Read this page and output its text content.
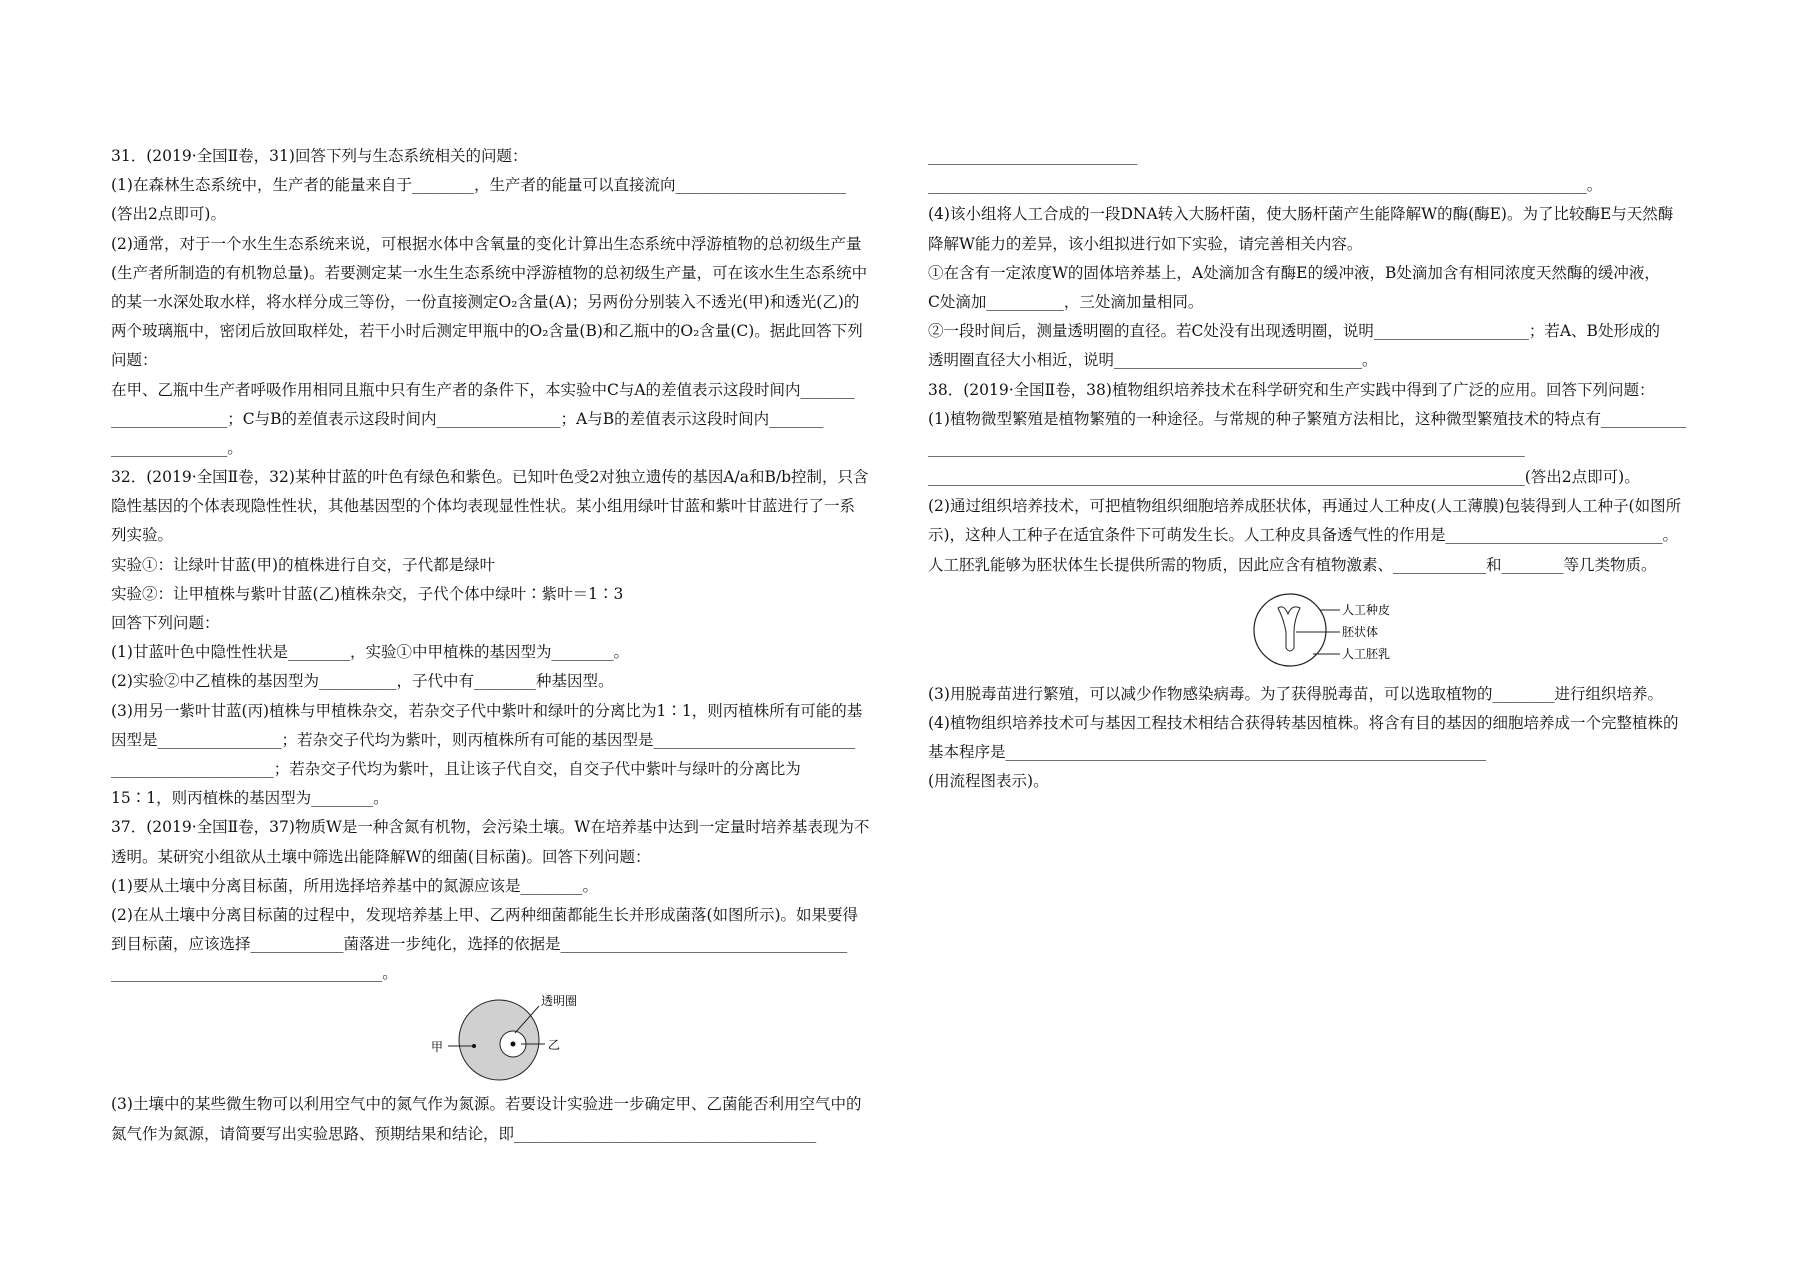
31．(2019·全国Ⅱ卷，31)回答下列与生态系统相关的问题：
(1)在森林生态系统中，生产者的能量来自于________，生产者的能量可以直接流向______________________
(答出2点即可)。
(2)通常，对于一个水生生态系统来说，可根据水体中含氧量的变化计算出生态系统中浮游植物的总初级生产量
(生产者所制造的有机物总量)。若要测定某一水生生态系统中浮游植物的总初级生产量，可在该水生生态系统中
的某一水深处取水样，将水样分成三等份，一份直接测定O₂含量(A)；另两份分别装入不透光(甲)和透光(乙)的
两个玻璃瓶中，密闭后放回取样处，若干小时后测定甲瓶中的O₂含量(B)和乙瓶中的O₂含量(C)。据此回答下列
问题：
在甲、乙瓶中生产者呼吸作用相同且瓶中只有生产者的条件下，本实验中C与A的差值表示这段时间内_______
_______________；C与B的差值表示这段时间内________________；A与B的差值表示这段时间内_______
_______________。
32．(2019·全国Ⅱ卷，32)某种甘蓝的叶色有绿色和紫色。已知叶色受2对独立遗传的基因A/a和B/b控制，只含
隐性基因的个体表现隐性性状，其他基因型的个体均表现显性性状。某小组用绿叶甘蓝和紫叶甘蓝进行了一系
列实验。
实验①：让绿叶甘蓝(甲)的植株进行自交，子代都是绿叶
实验②：让甲植株与紫叶甘蓝(乙)植株杂交，子代个体中绿叶∶紫叶＝1∶3
回答下列问题：
(1)甘蓝叶色中隐性性状是________，实验①中甲植株的基因型为________。
(2)实验②中乙植株的基因型为__________，子代中有________种基因型。
(3)用另一紫叶甘蓝(丙)植株与甲植株杂交，若杂交子代中紫叶和绿叶的分离比为1∶1，则丙植株所有可能的基
因型是________________；若杂交子代均为紫叶，则丙植株所有可能的基因型是__________________________
_____________________；若杂交子代均为紫叶，且让该子代自交，自交子代中紫叶与绿叶的分离比为
15∶1，则丙植株的基因型为________。
37．(2019·全国Ⅱ卷，37)物质W是一种含氮有机物，会污染土壤。W在培养基中达到一定量时培养基表现为不
透明。某研究小组欲从土壤中筛选出能降解W的细菌(目标菌)。回答下列问题：
(1)要从土壤中分离目标菌，所用选择培养基中的氮源应该是________。
(2)在从土壤中分离目标菌的过程中，发现培养基上甲、乙两种细菌都能生长并形成菌落(如图所示)。如果要得
到目标菌，应该选择____________菌落进一步纯化，选择的依据是_____________________________________
___________________________________。
透明圈
甲	乙
(3)土壤中的某些微生物可以利用空气中的氮气作为氮源。若要设计实验进一步确定甲、乙菌能否利用空气中的
氮气作为氮源，请简要写出实验思路、预期结果和结论，即_______________________________________
___________________________
_____________________________________________________________________________________。
(4)该小组将人工合成的一段DNA转入大肠杆菌，使大肠杆菌产生能降解W的酶(酶E)。为了比较酶E与天然酶
降解W能力的差异，该小组拟进行如下实验，请完善相关内容。
①在含有一定浓度W的固体培养基上，A处滴加含有酶E的缓冲液，B处滴加含有相同浓度天然酶的缓冲液，
C处滴加__________，三处滴加量相同。
②一段时间后，测量透明圈的直径。若C处没有出现透明圈，说明____________________；若A、B处形成的
透明圈直径大小相近，说明________________________________。
38．(2019·全国Ⅱ卷，38)植物组织培养技术在科学研究和生产实践中得到了广泛的应用。回答下列问题：
(1)植物微型繁殖是植物繁殖的一种途径。与常规的种子繁殖方法相比，这种微型繁殖技术的特点有___________
_____________________________________________________________________________
_____________________________________________________________________________(答出2点即可)。
(2)通过组织培养技术，可把植物组织细胞培养成胚状体，再通过人工种皮(人工薄膜)包装得到人工种子(如图所
示)，这种人工种子在适宜条件下可萌发生长。人工种皮具备透气性的作用是____________________________。
人工胚乳能够为胚状体生长提供所需的物质，因此应含有植物激素、____________和________等几类物质。
人工种皮
胚状体
人工胚乳
(3)用脱毒苗进行繁殖，可以减少作物感染病毒。为了获得脱毒苗，可以选取植物的________进行组织培养。
(4)植物组织培养技术可与基因工程技术相结合获得转基因植株。将含有目的基因的细胞培养成一个完整植株的
基本程序是______________________________________________________________
(用流程图表示)。
